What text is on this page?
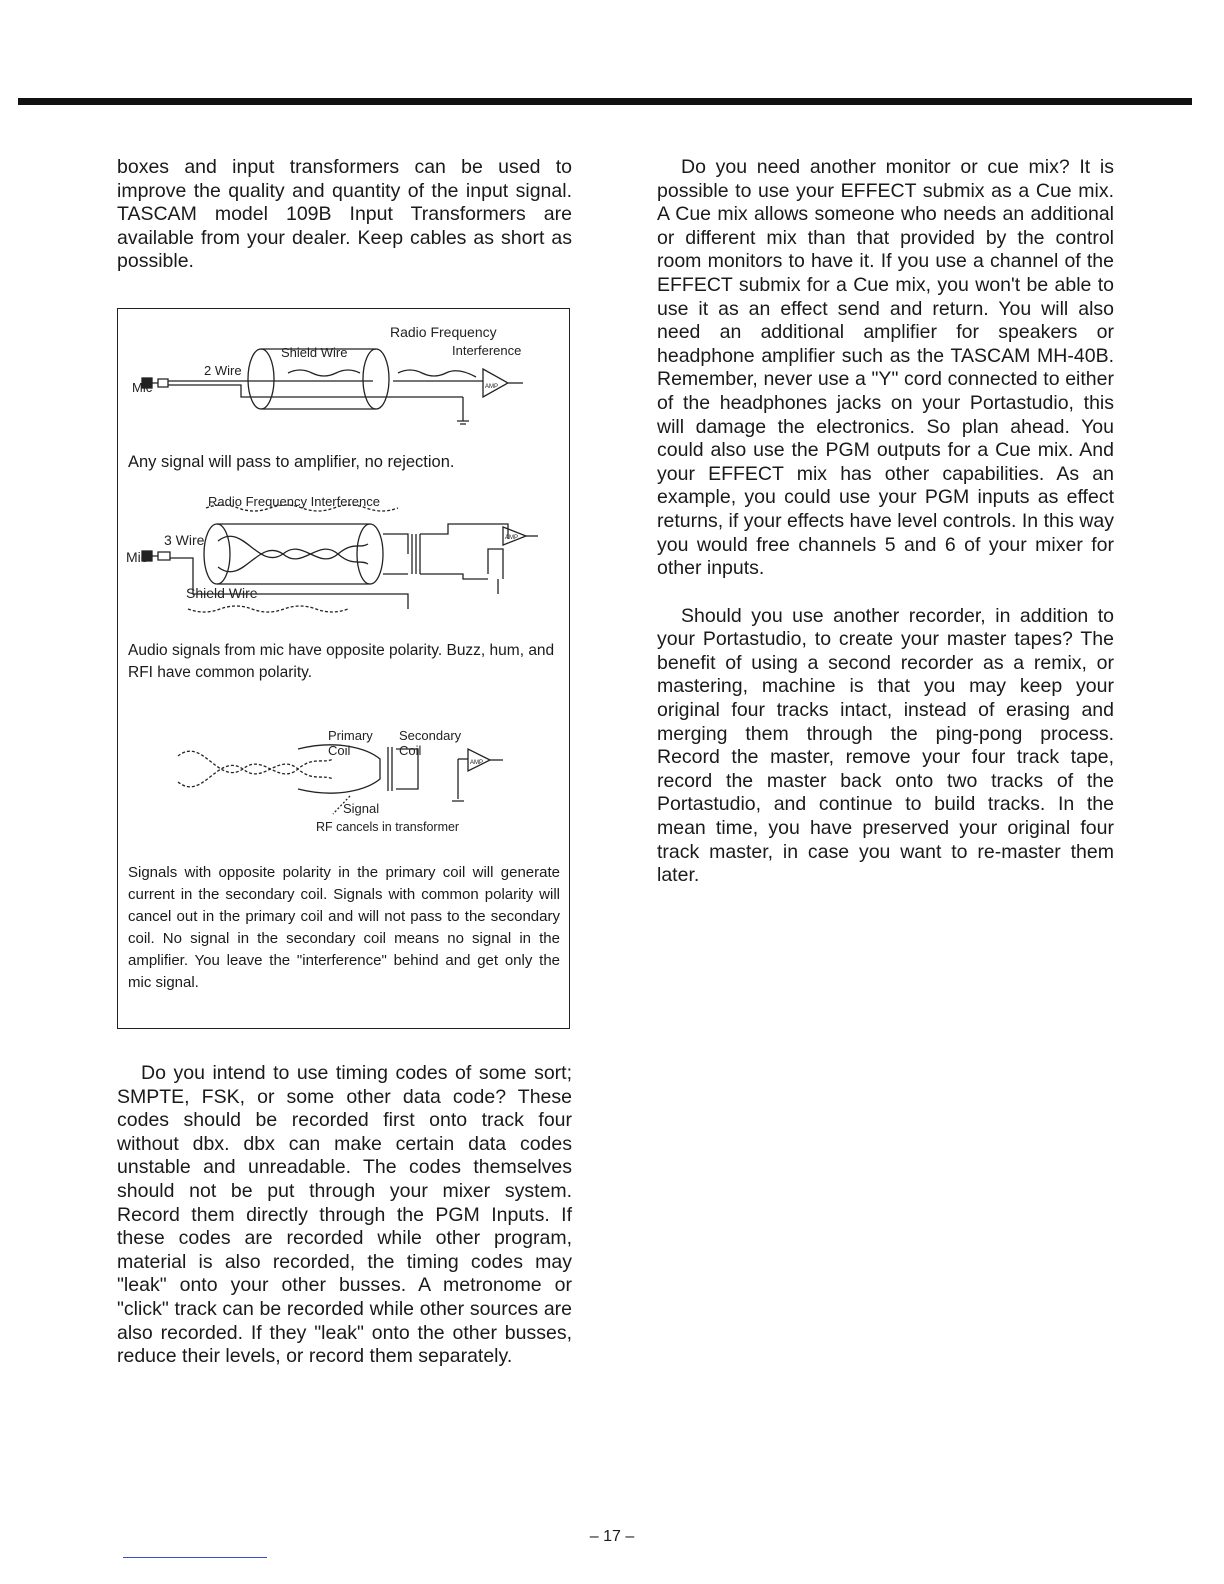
boxes and input transformers can be used to improve the quality and quantity of the input signal. TASCAM model 109B Input Transformers are available from your dealer. Keep cables as short as possible.

Radio Frequency
Interference
Shield Wire
2 Wire
Mic	AMP
Radio Frequency Interference
3 Wire
Mic
Shield Wire
AMP
Primary
Coil
Secondary
Coil
Signal
RF cancels in transformer
AMP
Any signal will pass to amplifier, no rejection.
Audio signals from mic have opposite polarity. Buzz, hum, and RFI have common polarity.
Signals with opposite polarity in the primary coil will generate current in the secondary coil. Signals with common polarity will cancel out in the primary coil and will not pass to the secondary coil. No signal in the secondary coil means no signal in the amplifier. You leave the "interference" behind and get only the mic signal.

Do you intend to use timing codes of some sort; SMPTE, FSK, or some other data code? These codes should be recorded first onto track four without dbx. dbx can make certain data codes unstable and unreadable. The codes themselves should not be put through your mixer system. Record them directly through the PGM Inputs. If these codes are recorded while other program, material is also recorded, the timing codes may "leak" onto your other busses. A metronome or "click" track can be recorded while other sources are also recorded. If they "leak" onto the other busses, reduce their levels, or record them separately.

Do you need another monitor or cue mix? It is possible to use your EFFECT submix as a Cue mix. A Cue mix allows someone who needs an additional or different mix than that provided by the control room monitors to have it. If you use a channel of the EFFECT submix for a Cue mix, you won't be able to use it as an effect send and return. You will also need an additional amplifier for speakers or headphone amplifier such as the TASCAM MH-40B. Remember, never use a "Y" cord connected to either of the headphones jacks on your Portastudio, this will damage the electronics. So plan ahead. You could also use the PGM outputs for a Cue mix. And your EFFECT mix has other capabilities. As an example, you could use your PGM inputs as effect returns, if your effects have level controls. In this way you would free channels 5 and 6 of your mixer for other inputs.

Should you use another recorder, in addition to your Portastudio, to create your master tapes? The benefit of using a second recorder as a remix, or mastering, machine is that you may keep your original four tracks intact, instead of erasing and merging them through the ping-pong process. Record the master, remove your four track tape, record the master back onto two tracks of the Portastudio, and continue to build tracks. In the mean time, you have preserved your original four track master, in case you want to re-master them later.

– 17 –
